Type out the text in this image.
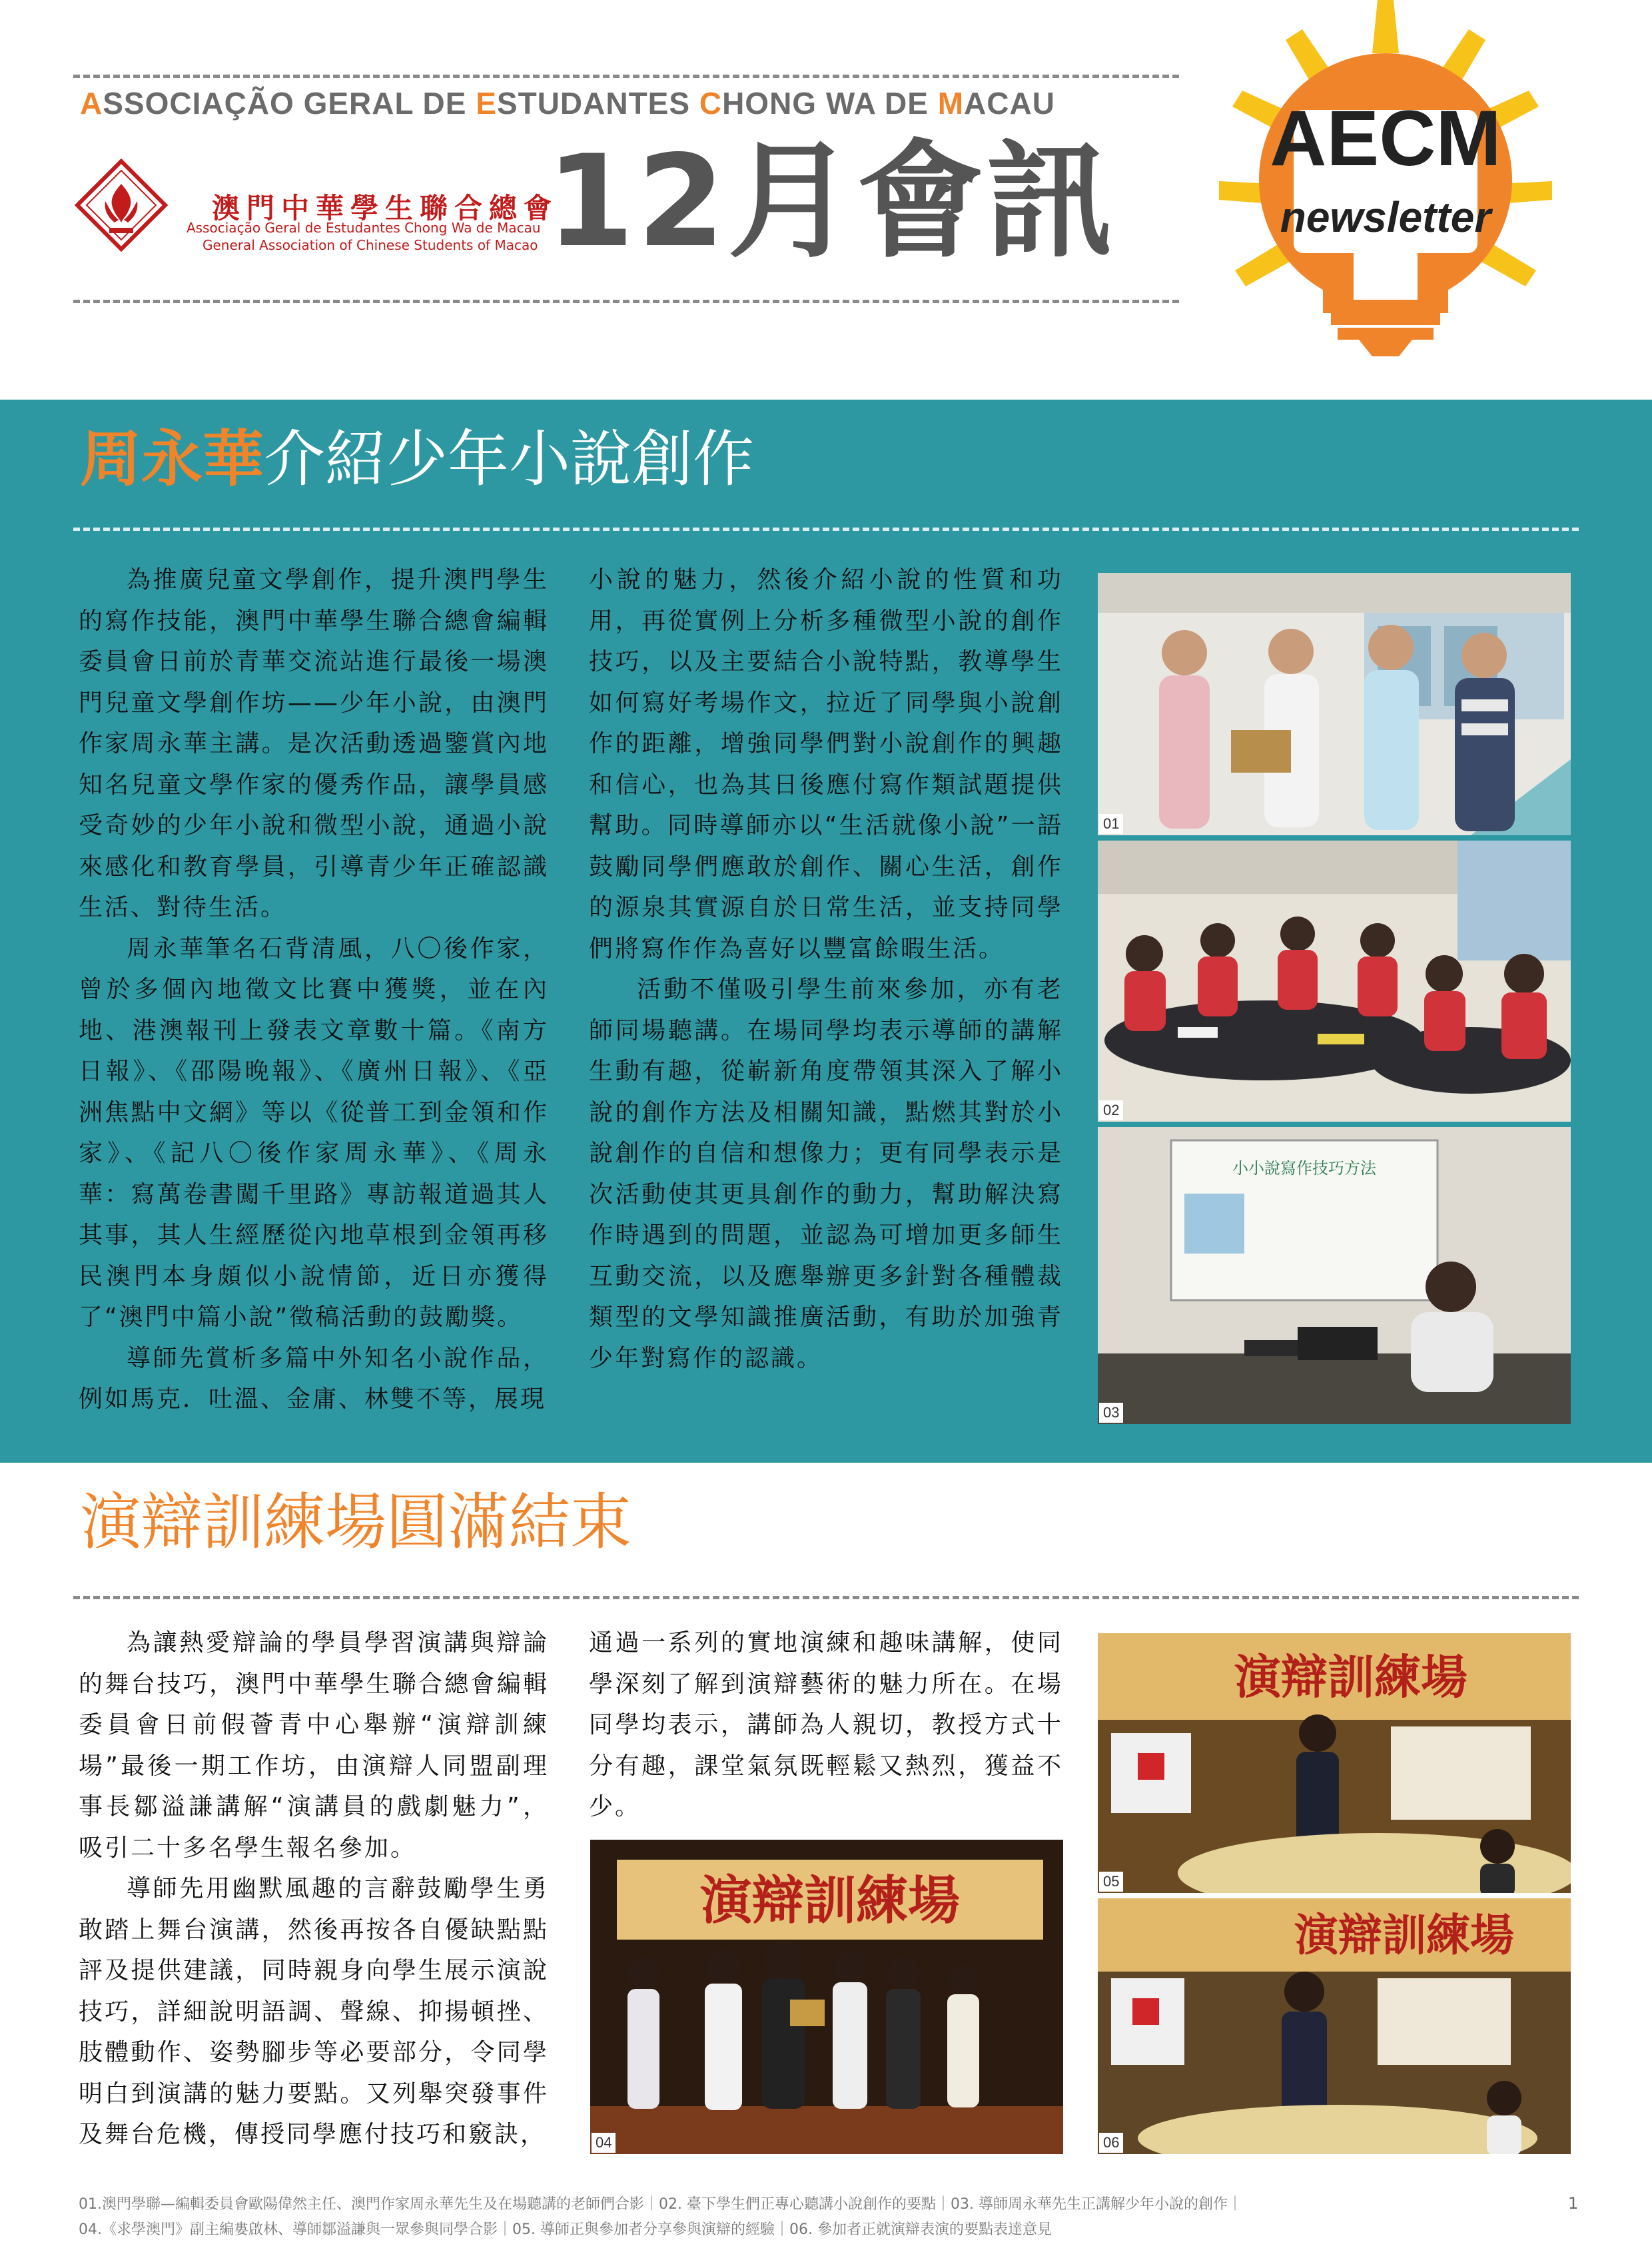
ASSOCIAÇÃO GERAL DE ESTUDANTES CHONG WA DE MACAU
澳門中華學生聯合總會
Associação Geral de Estudantes Chong Wa de Macau
General Association of Chinese Students of Macao 12月會訊 AECM
newsletter
周永華介紹少年小說創作

為推廣兒童文學創作，提升澳門學生的寫作技能，澳門中華學生聯合總會編輯委員會日前於青華交流站進行最後一場澳門兒童文學創作坊——少年小說，由澳門作家周永華主講。是次活動透過鑒賞內地知名兒童文學作家的優秀作品，讓學員感受奇妙的少年小說和微型小說，通過小說來感化和教育學員，引導青少年正確認識生活、對待生活。

周永華筆名石背清風，八〇後作家，曾於多個內地徵文比賽中獲獎，並在內地、港澳報刊上發表文章數十篇。《南方日報》、《邵陽晚報》、《廣州日報》、《亞洲焦點中文網》等以《從普工到金領和作家》、《記八〇後作家周永華》、《周永華：寫萬卷書闖千里路》專訪報道過其人其事，其人生經歷從內地草根到金領再移民澳門本身頗似小說情節，近日亦獲得了“澳門中篇小說”徵稿活動的鼓勵獎。

導師先賞析多篇中外知名小說作品，例如馬克．吐溫、金庸、林雙不等，展現

小說的魅力，然後介紹小說的性質和功用，再從實例上分析多種微型小說的創作技巧，以及主要結合小說特點，教導學生如何寫好考場作文，拉近了同學與小說創作的距離，增強同學們對小說創作的興趣和信心，也為其日後應付寫作類試題提供幫助。同時導師亦以“生活就像小說”一語鼓勵同學們應敢於創作、關心生活，創作的源泉其實源自於日常生活，並支持同學們將寫作作為喜好以豐富餘暇生活。

活動不僅吸引學生前來參加，亦有老師同場聽講。在場同學均表示導師的講解生動有趣，從嶄新角度帶領其深入了解小說的創作方法及相關知識，點燃其對於小說創作的自信和想像力；更有同學表示是次活動使其更具創作的動力，幫助解決寫作時遇到的問題，並認為可增加更多師生互動交流，以及應舉辦更多針對各種體裁類型的文學知識推廣活動，有助於加強青少年對寫作的認識。

01
02
小小說寫作技巧方法
03
演辯訓練場圓滿結束

為讓熱愛辯論的學員學習演講與辯論的舞台技巧，澳門中華學生聯合總會編輯委員會日前假薈青中心舉辦“演辯訓練場”最後一期工作坊，由演辯人同盟副理事長鄒溢謙講解“演講員的戲劇魅力”，吸引二十多名學生報名參加。

導師先用幽默風趣的言辭鼓勵學生勇敢踏上舞台演講，然後再按各自優缺點點評及提供建議，同時親身向學生展示演說技巧，詳細說明語調、聲線、抑揚頓挫、肢體動作、姿勢腳步等必要部分，令同學明白到演講的魅力要點。又列舉突發事件及舞台危機，傳授同學應付技巧和竅訣，

通過一系列的實地演練和趣味講解，使同學深刻了解到演辯藝術的魅力所在。在場同學均表示，講師為人親切，教授方式十分有趣，課堂氣氛既輕鬆又熱烈，獲益不少。

演辯訓練場
04
演辯訓練場
05
演辯訓練場
06
01.澳門學聯—編輯委員會歐陽偉然主任、澳門作家周永華先生及在場聽講的老師們合影｜02. 臺下學生們正專心聽講小說創作的要點｜03. 導師周永華先生正講解少年小說的創作｜
04.《求學澳門》副主編婁啟林、導師鄒溢謙與一眾參與同學合影｜05. 導師正與參加者分享參與演辯的經驗｜06. 參加者正就演辯表演的要點表達意見
1
